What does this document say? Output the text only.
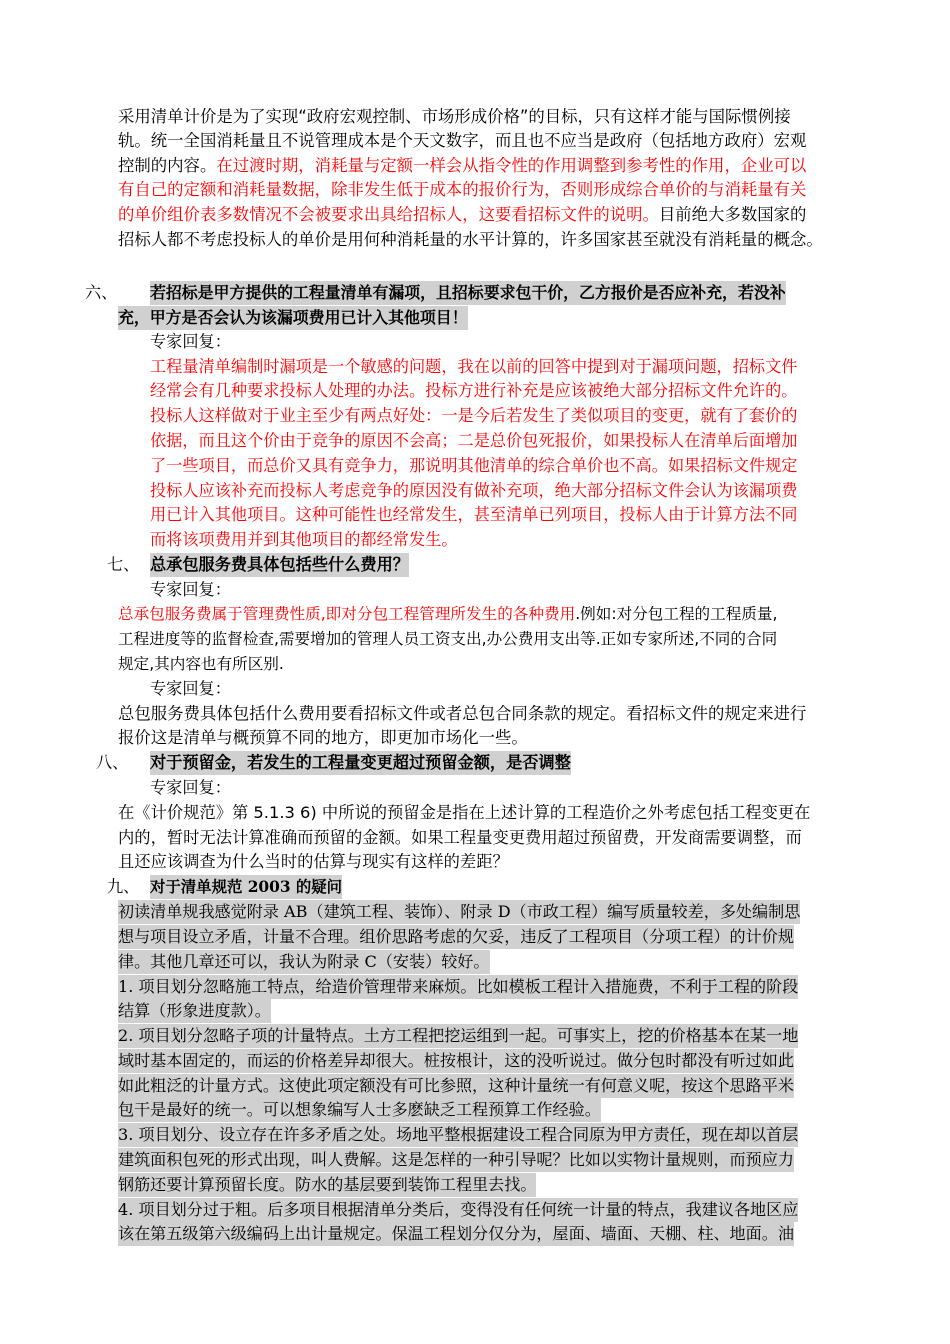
采用清单计价是为了实现“政府宏观控制、市场形成价格”的目标，只有这样才能与国际惯例接
轨。统一全国消耗量且不说管理成本是个天文数字，而且也不应当是政府（包括地方政府）宏观
控制的内容。在过渡时期，消耗量与定额一样会从指令性的作用调整到参考性的作用，企业可以
有自己的定额和消耗量数据，除非发生低于成本的报价行为，否则形成综合单价的与消耗量有关
的单价组价表多数情况不会被要求出具给招标人，这要看招标文件的说明。目前绝大多数国家的
招标人都不考虑投标人的单价是用何种消耗量的水平计算的，许多国家甚至就没有消耗量的概念。
六、 若招标是甲方提供的工程量清单有漏项，且招标要求包干价，乙方报价是否应补充，若没补
充，甲方是否会认为该漏项费用已计入其他项目！
专家回复：
工程量清单编制时漏项是一个敏感的问题，我在以前的回答中提到对于漏项问题，招标文件
经常会有几种要求投标人处理的办法。投标方进行补充是应该被绝大部分招标文件允许的。
投标人这样做对于业主至少有两点好处：一是今后若发生了类似项目的变更，就有了套价的
依据，而且这个价由于竞争的原因不会高；二是总价包死报价，如果投标人在清单后面增加
了一些项目，而总价又具有竞争力，那说明其他清单的综合单价也不高。如果招标文件规定
投标人应该补充而投标人考虑竞争的原因没有做补充项，绝大部分招标文件会认为该漏项费
用已计入其他项目。这种可能性也经常发生，甚至清单已列项目，投标人由于计算方法不同
而将该项费用并到其他项目的都经常发生。
七、 总承包服务费具体包括些什么费用？
专家回复：
总承包服务费属于管理费性质,即对分包工程管理所发生的各种费用.例如:对分包工程的工程质量,
工程进度等的监督检查,需要增加的管理人员工资支出,办公费用支出等.正如专家所述,不同的合同
规定,其内容也有所区别.
专家回复：
总包服务费具体包括什么费用要看招标文件或者总包合同条款的规定。看招标文件的规定来进行
报价这是清单与概预算不同的地方，即更加市场化一些。
八、 对于预留金，若发生的工程量变更超过预留金额，是否调整
专家回复：
在《计价规范》第 5.1.3 6) 中所说的预留金是指在上述计算的工程造价之外考虑包括工程变更在
内的，暂时无法计算准确而预留的金额。如果工程量变更费用超过预留费，开发商需要调整，而
且还应该调查为什么当时的估算与现实有这样的差距？
九、 对于清单规范 2003 的疑问
初读清单规我感觉附录 AB（建筑工程、装饰）、附录 D（市政工程）编写质量较差，多处编制思
想与项目设立矛盾，计量不合理。组价思路考虑的欠妥，违反了工程项目（分项工程）的计价规
律。其他几章还可以，我认为附录 C（安装）较好。
1. 项目划分忽略施工特点，给造价管理带来麻烦。比如模板工程计入措施费，不利于工程的阶段
结算（形象进度款）。
2. 项目划分忽略子项的计量特点。土方工程把挖运组到一起。可事实上，挖的价格基本在某一地
域时基本固定的，而运的价格差异却很大。桩按根计，这的没听说过。做分包时都没有听过如此
如此粗泛的计量方式。这使此项定额没有可比参照，这种计量统一有何意义呢，按这个思路平米
包干是最好的统一。可以想象编写人士多麽缺乏工程预算工作经验。
3. 项目划分、设立存在许多矛盾之处。场地平整根据建设工程合同原为甲方责任，现在却以首层
建筑面积包死的形式出现，叫人费解。这是怎样的一种引导呢？比如以实物计量规则，而预应力
钢筋还要计算预留长度。防水的基层要到装饰工程里去找。
4. 项目划分过于粗。后多项目根据清单分类后，变得没有任何统一计量的特点，我建议各地区应
该在第五级第六级编码上出计量规定。保温工程划分仅分为，屋面、墙面、天棚、柱、地面。油
